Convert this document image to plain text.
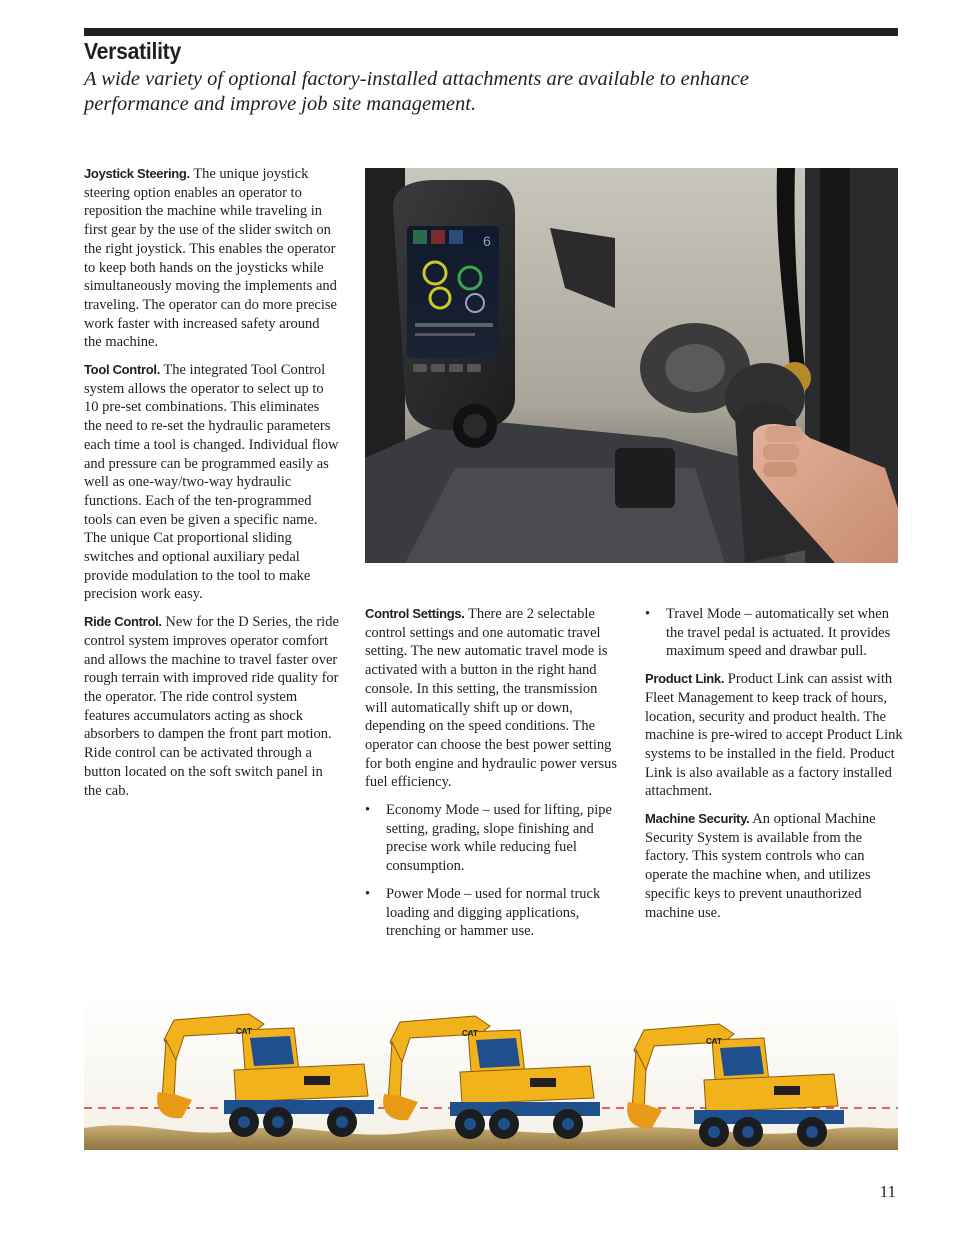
Versatility

A wide variety of optional factory-installed attachments are available to enhance performance and improve job site management.

Joystick Steering. The unique joystick steering option enables an operator to reposition the machine while traveling in first gear by the use of the slider switch on the right joystick. This enables the operator to keep both hands on the joysticks while simultaneously moving the implements and traveling. The operator can do more precise work faster with increased safety around the machine.

Tool Control. The integrated Tool Control system allows the operator to select up to 10 pre-set combinations. This eliminates the need to re-set the hydraulic parameters each time a tool is changed. Individual flow and pressure can be programmed easily as well as one-way/two-way hydraulic functions. Each of the ten-programmed tools can even be given a specific name. The unique Cat proportional sliding switches and optional auxiliary pedal provide modulation to the tool to make precision work easy.

Ride Control. New for the D Series, the ride control system improves operator comfort and allows the machine to travel faster over rough terrain with improved ride quality for the operator. The ride control system features accumulators acting as shock absorbers to dampen the front part motion. Ride control can be activated through a button located on the soft switch panel in the cab.

6

Control Settings. There are 2 selectable control settings and one automatic travel setting. The new automatic travel mode is activated with a button in the right hand console. In this setting, the transmission will automatically shift up or down, depending on the speed conditions. The operator can choose the best power setting for both engine and hydraulic power versus fuel efficiency.

• Economy Mode – used for lifting, pipe setting, grading, slope finishing and precise work while reducing fuel consumption.
• Power Mode – used for normal truck loading and digging applications, trenching or hammer use.
• Travel Mode – automatically set when the travel pedal is actuated. It provides maximum speed and drawbar pull.

Product Link. Product Link can assist with Fleet Management to keep track of hours, location, security and product health. The machine is pre-wired to accept Product Link systems to be installed in the field. Product Link is also available as a factory installed attachment.

Machine Security. An optional Machine Security System is available from the factory. This system controls who can operate the machine when, and utilizes specific keys to prevent unauthorized machine use.

CAT	CAT
CAT
11
